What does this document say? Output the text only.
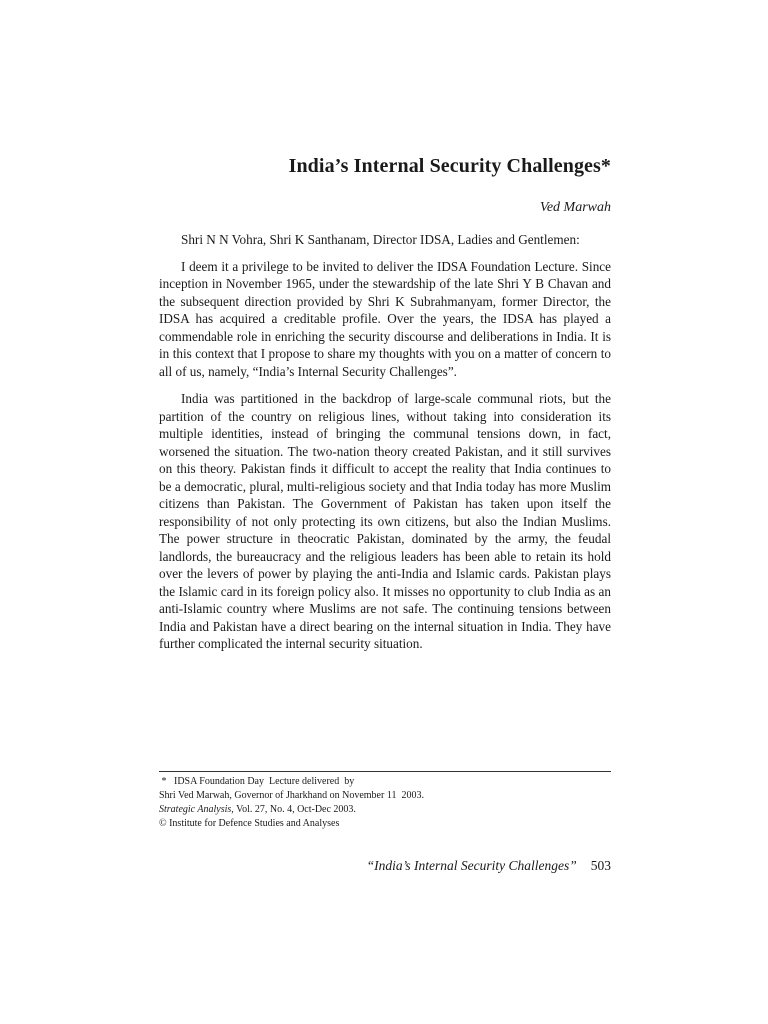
India’s Internal Security Challenges*
Ved Marwah

Shri N N Vohra, Shri K Santhanam, Director IDSA, Ladies and Gentlemen:

I deem it a privilege to be invited to deliver the IDSA Foundation Lecture. Since inception in November 1965, under the stewardship of the late Shri Y B Chavan and the subsequent direction provided by Shri K Subrahmanyam, former Director, the IDSA has acquired a creditable profile. Over the years, the IDSA has played a commendable role in enriching the security discourse and deliberations in India. It is in this context that I propose to share my thoughts with you on a matter of concern to all of us, namely, “India’s Internal Security Challenges”.

India was partitioned in the backdrop of large-scale communal riots, but the partition of the country on religious lines, without taking into consideration its multiple identities, instead of bringing the communal tensions down, in fact, worsened the situation. The two-nation theory created Pakistan, and it still survives on this theory. Pakistan finds it difficult to accept the reality that India continues to be a democratic, plural, multi-religious society and that India today has more Muslim citizens than Pakistan. The Government of Pakistan has taken upon itself the responsibility of not only protecting its own citizens, but also the Indian Muslims. The power structure in theocratic Pakistan, dominated by the army, the feudal landlords, the bureaucracy and the religious leaders has been able to retain its hold over the levers of power by playing the anti-India and Islamic cards. Pakistan plays the Islamic card in its foreign policy also. It misses no opportunity to club India as an anti-Islamic country where Muslims are not safe. The continuing tensions between India and Pakistan have a direct bearing on the internal situation in India. They have further complicated the internal security situation.

*   IDSA Foundation Day  Lecture delivered  by
Shri Ved Marwah, Governor of Jharkhand on November 11  2003.
Strategic Analysis, Vol. 27, No. 4, Oct-Dec 2003.
© Institute for Defence Studies and Analyses
“India’s Internal Security Challenges” 503
